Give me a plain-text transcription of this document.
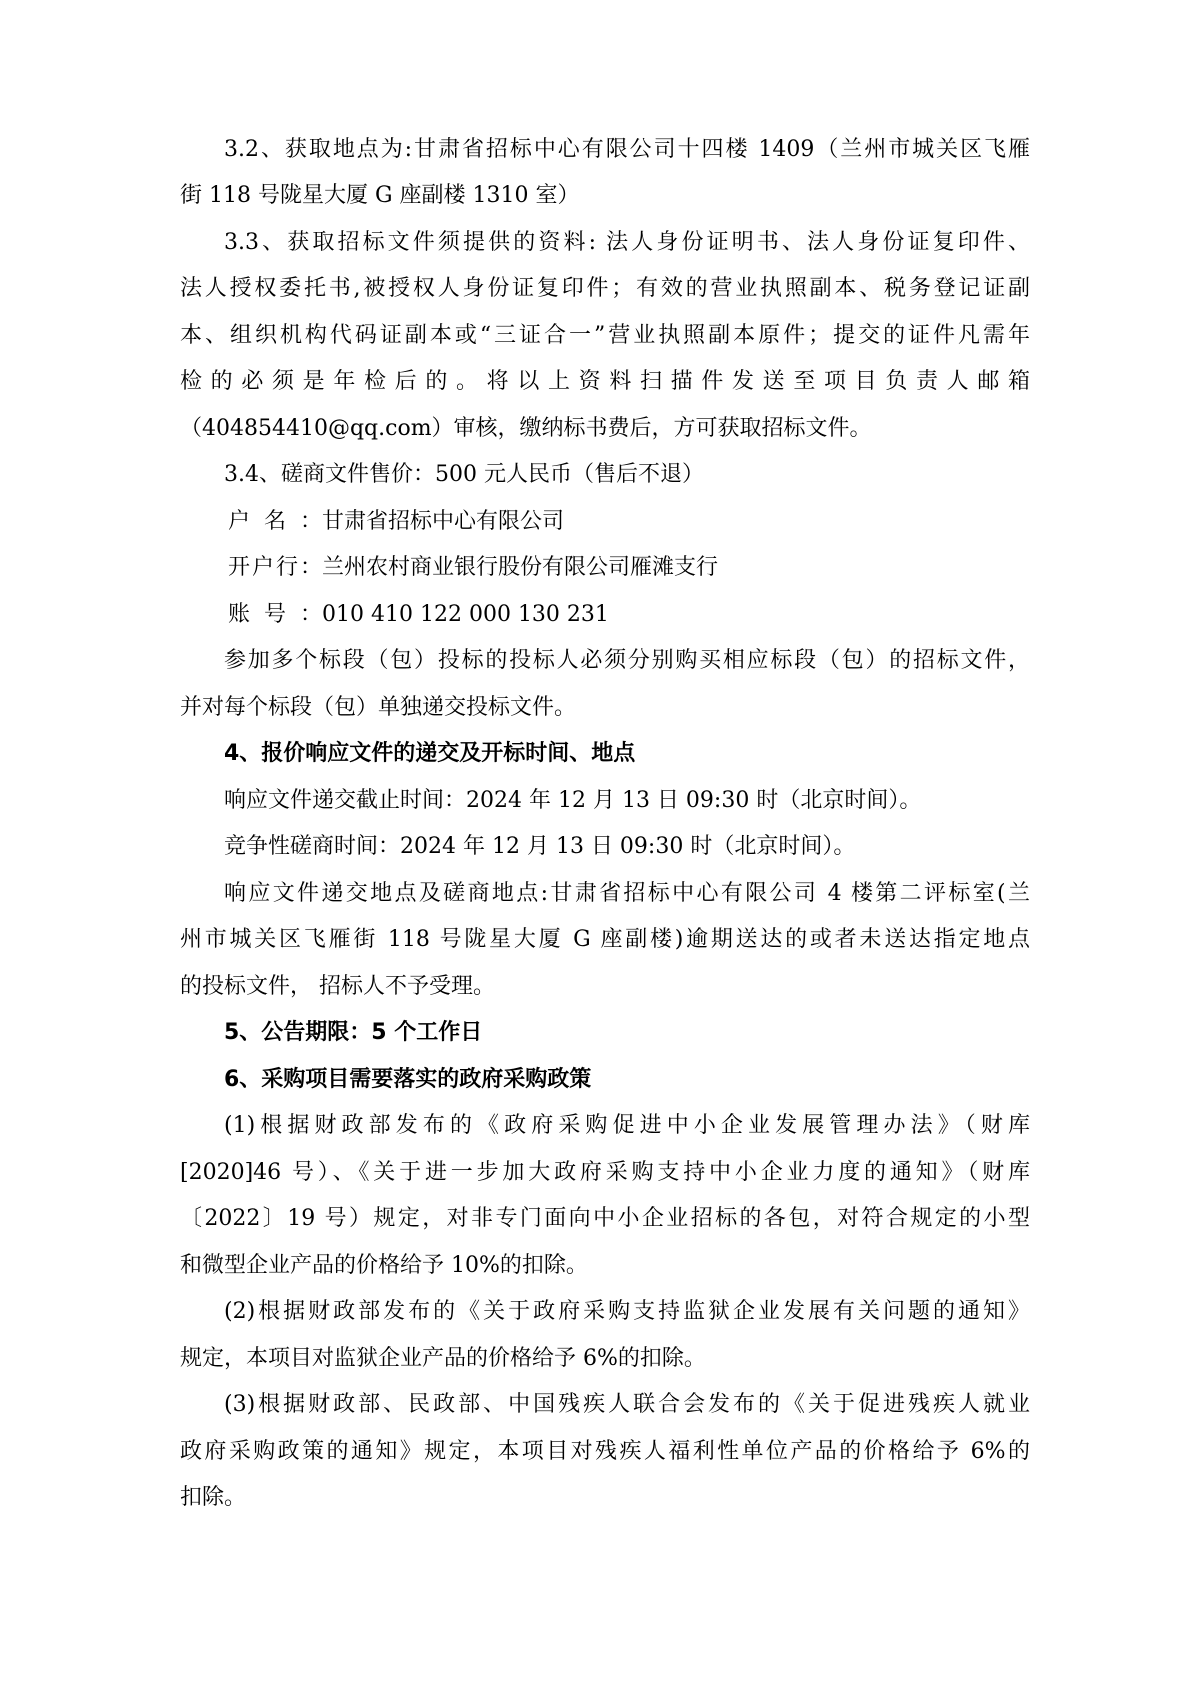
3.2、获取地点为:甘肃省招标中心有限公司十四楼 1409（兰州市城关区飞雁
街 118 号陇星大厦 G 座副楼 1310 室）
3.3、获取招标文件须提供的资料: 法人身份证明书、法人身份证复印件、
法人授权委托书,被授权人身份证复印件；有效的营业执照副本、税务登记证副
本、组织机构代码证副本或“三证合一”营业执照副本原件；提交的证件凡需年
检的必须是年检后的。将以上资料扫描件发送至项目负责人邮箱
（404854410@qq.com）审核，缴纳标书费后，方可获取招标文件。
3.4、磋商文件售价：500 元人民币（售后不退）
户名：甘肃省招标中心有限公司
开户行：兰州农村商业银行股份有限公司雁滩支行
账号：010 410 122 000 130 231
参加多个标段（包）投标的投标人必须分别购买相应标段（包）的招标文件，
并对每个标段（包）单独递交投标文件。
4、报价响应文件的递交及开标时间、地点
响应文件递交截止时间：2024 年 12 月 13 日 09:30 时（北京时间）。
竞争性磋商时间：2024 年 12 月 13 日 09:30 时（北京时间）。
响应文件递交地点及磋商地点:甘肃省招标中心有限公司 4 楼第二评标室(兰
州市城关区飞雁街 118 号陇星大厦 G 座副楼)逾期送达的或者未送达指定地点
的投标文件， 招标人不予受理。
5、公告期限：5 个工作日
6、采购项目需要落实的政府采购政策
(1)根据财政部发布的《政府采购促进中小企业发展管理办法》（财库
[2020]46 号）、《关于进一步加大政府采购支持中小企业力度的通知》（财库
〔2022〕19 号）规定，对非专门面向中小企业招标的各包，对符合规定的小型
和微型企业产品的价格给予 10%的扣除。
(2)根据财政部发布的《关于政府采购支持监狱企业发展有关问题的通知》
规定，本项目对监狱企业产品的价格给予 6%的扣除。
(3)根据财政部、民政部、中国残疾人联合会发布的《关于促进残疾人就业
政府采购政策的通知》规定，本项目对残疾人福利性单位产品的价格给予 6%的
扣除。
